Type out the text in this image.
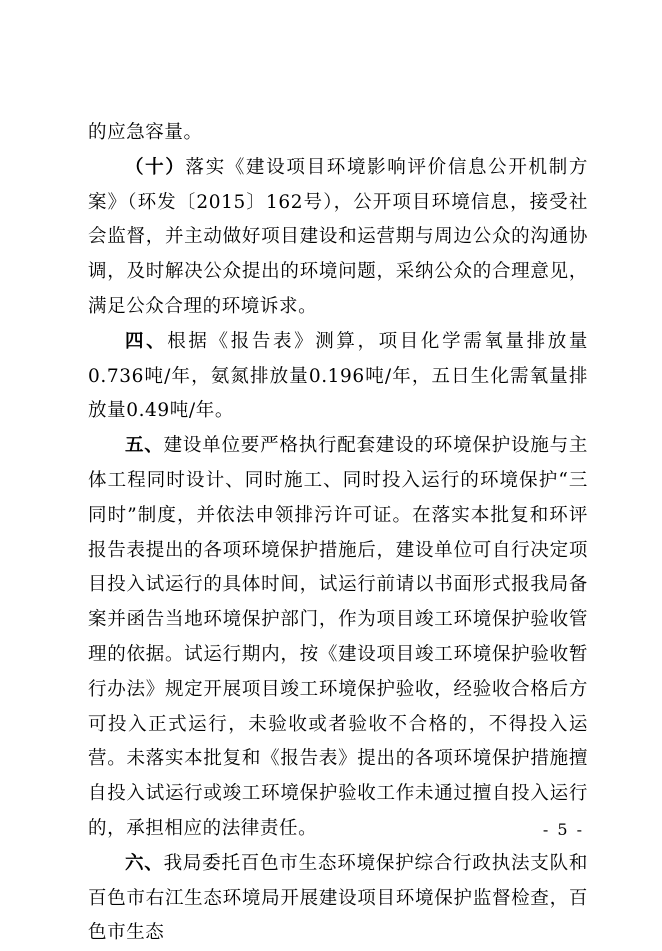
的应急容量。

（十）落实《建设项目环境影响评价信息公开机制方案》（环发〔2015〕162号），公开项目环境信息，接受社会监督，并主动做好项目建设和运营期与周边公众的沟通协调，及时解决公众提出的环境问题，采纳公众的合理意见，满足公众合理的环境诉求。

四、根据《报告表》测算，项目化学需氧量排放量0.736吨/年，氨氮排放量0.196吨/年，五日生化需氧量排放量0.49吨/年。

五、建设单位要严格执行配套建设的环境保护设施与主体工程同时设计、同时施工、同时投入运行的环境保护“三同时”制度，并依法申领排污许可证。在落实本批复和环评报告表提出的各项环境保护措施后，建设单位可自行决定项目投入试运行的具体时间，试运行前请以书面形式报我局备案并函告当地环境保护部门，作为项目竣工环境保护验收管理的依据。试运行期内，按《建设项目竣工环境保护验收暂行办法》规定开展项目竣工环境保护验收，经验收合格后方可投入正式运行，未验收或者验收不合格的，不得投入运营。未落实本批复和《报告表》提出的各项环境保护措施擅自投入试运行或竣工环境保护验收工作未通过擅自投入运行的，承担相应的法律责任。

六、我局委托百色市生态环境保护综合行政执法支队和百色市右江生态环境局开展建设项目环境保护监督检查，百色市生态

- 5 -
